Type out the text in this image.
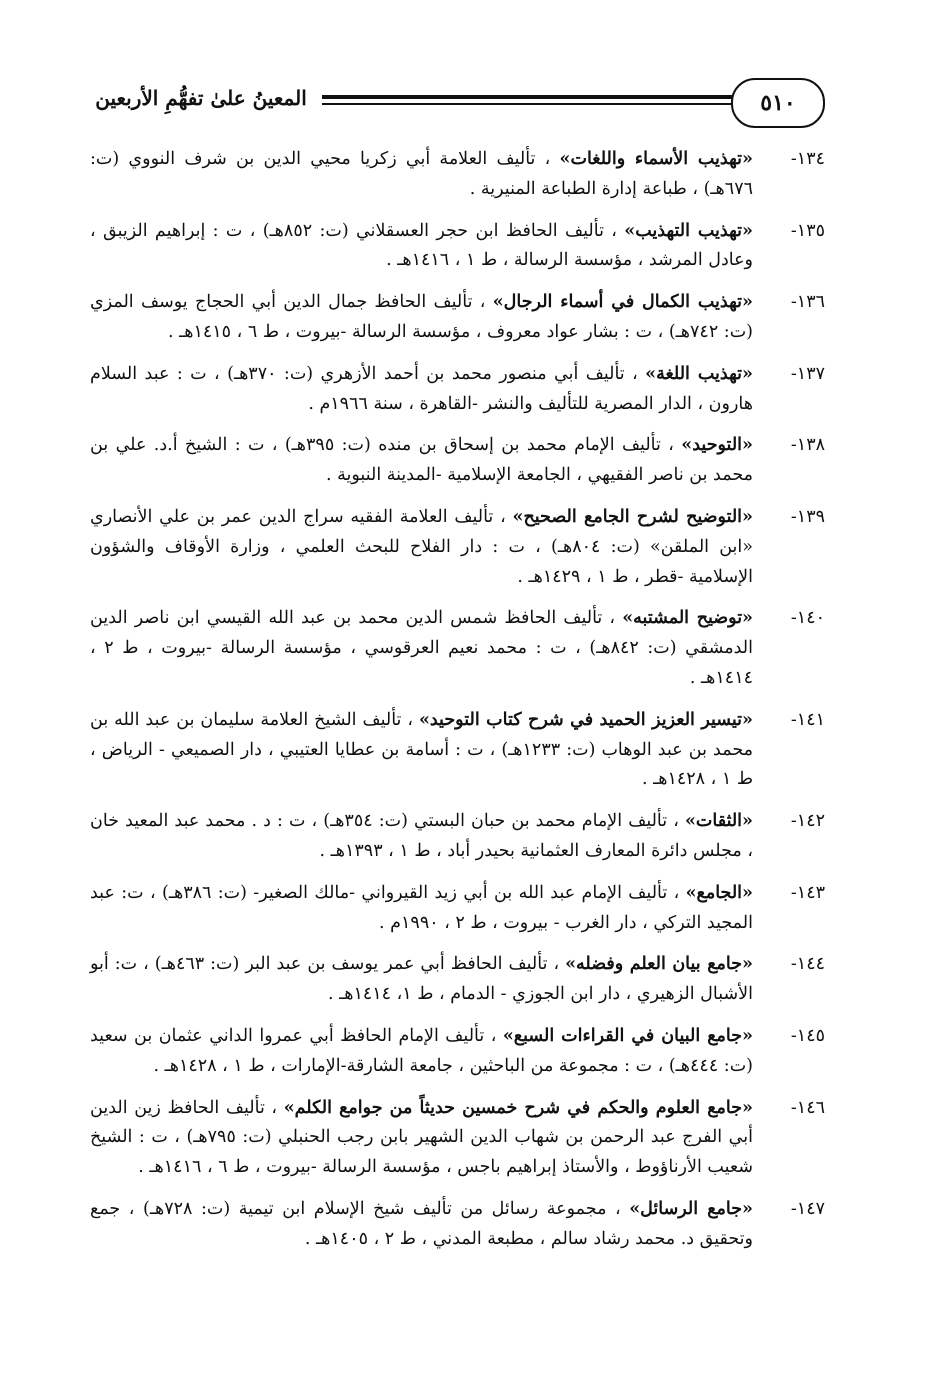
٥١٠
المعينُ علىٰ تفهُّمِ الأربعين
١٣٤-
«تهذيب الأسماء واللغات» ، تأليف العلامة أبي زكريا محيي الدين بن شرف النووي (ت: ٦٧٦هـ) ، طباعة إدارة الطباعة المنيرية .
١٣٥-
«تهذيب التهذيب» ، تأليف الحافظ ابن حجر العسقلاني (ت: ٨٥٢هـ) ، ت : إبراهيم الزيبق ، وعادل المرشد ، مؤسسة الرسالة ، ط ١ ، ١٤١٦هـ .
١٣٦-
«تهذيب الكمال في أسماء الرجال» ، تأليف الحافظ جمال الدين أبي الحجاج يوسف المزي (ت: ٧٤٢هـ) ، ت : بشار عواد معروف ، مؤسسة الرسالة -بيروت ، ط ٦ ، ١٤١٥هـ .
١٣٧-
«تهذيب اللغة» ، تأليف أبي منصور محمد بن أحمد الأزهري (ت: ٣٧٠هـ) ، ت : عبد السلام هارون ، الدار المصرية للتأليف والنشر -القاهرة ، سنة ١٩٦٦م .
١٣٨-
«التوحيد» ، تأليف الإمام محمد بن إسحاق بن منده (ت: ٣٩٥هـ) ، ت : الشيخ أ.د. علي بن محمد بن ناصر الفقيهي ، الجامعة الإسلامية -المدينة النبوية .
١٣٩-
«التوضيح لشرح الجامع الصحيح» ، تأليف العلامة الفقيه سراج الدين عمر بن علي الأنصاري «ابن الملقن» (ت: ٨٠٤هـ) ، ت : دار الفلاح للبحث العلمي ، وزارة الأوقاف والشؤون الإسلامية -قطر ، ط ١ ، ١٤٢٩هـ .
١٤٠-
«توضيح المشتبه» ، تأليف الحافظ شمس الدين محمد بن عبد الله القيسي ابن ناصر الدين الدمشقي (ت: ٨٤٢هـ) ، ت : محمد نعيم العرقوسي ، مؤسسة الرسالة -بيروت ، ط ٢ ، ١٤١٤هـ .
١٤١-
«تيسير العزيز الحميد في شرح كتاب التوحيد» ، تأليف الشيخ العلامة سليمان بن عبد الله بن محمد بن عبد الوهاب (ت: ١٢٣٣هـ) ، ت : أسامة بن عطايا العتيبي ، دار الصميعي - الرياض ، ط ١ ، ١٤٢٨هـ .
١٤٢-
«الثقات» ، تأليف الإمام محمد بن حبان البستي (ت: ٣٥٤هـ) ، ت : د . محمد عبد المعيد خان ، مجلس دائرة المعارف العثمانية بحيدر أباد ، ط ١ ، ١٣٩٣هـ .
١٤٣-
«الجامع» ، تأليف الإمام عبد الله بن أبي زيد القيرواني -مالك الصغير- (ت: ٣٨٦هـ) ، ت: عبد المجيد التركي ، دار الغرب - بيروت ، ط ٢ ، ١٩٩٠م .
١٤٤-
«جامع بيان العلم وفضله» ، تأليف الحافظ أبي عمر يوسف بن عبد البر (ت: ٤٦٣هـ) ، ت: أبو الأشبال الزهيري ، دار ابن الجوزي - الدمام ، ط ١، ١٤١٤هـ .
١٤٥-
«جامع البيان في القراءات السبع» ، تأليف الإمام الحافظ أبي عمروا الداني عثمان بن سعيد (ت: ٤٤٤هـ) ، ت : مجموعة من الباحثين ، جامعة الشارقة-الإمارات ، ط ١ ، ١٤٢٨هـ .
١٤٦-
«جامع العلوم والحكم في شرح خمسين حديثاً من جوامع الكلم» ، تأليف الحافظ زين الدين أبي الفرج عبد الرحمن بن شهاب الدين الشهير بابن رجب الحنبلي (ت: ٧٩٥هـ) ، ت : الشيخ شعيب الأرناؤوط ، والأستاذ إبراهيم باجس ، مؤسسة الرسالة -بيروت ، ط ٦ ، ١٤١٦هـ .
١٤٧-
«جامع الرسائل» ، مجموعة رسائل من تأليف شيخ الإسلام ابن تيمية (ت: ٧٢٨هـ) ، جمع وتحقيق د. محمد رشاد سالم ، مطبعة المدني ، ط ٢ ، ١٤٠٥هـ .
